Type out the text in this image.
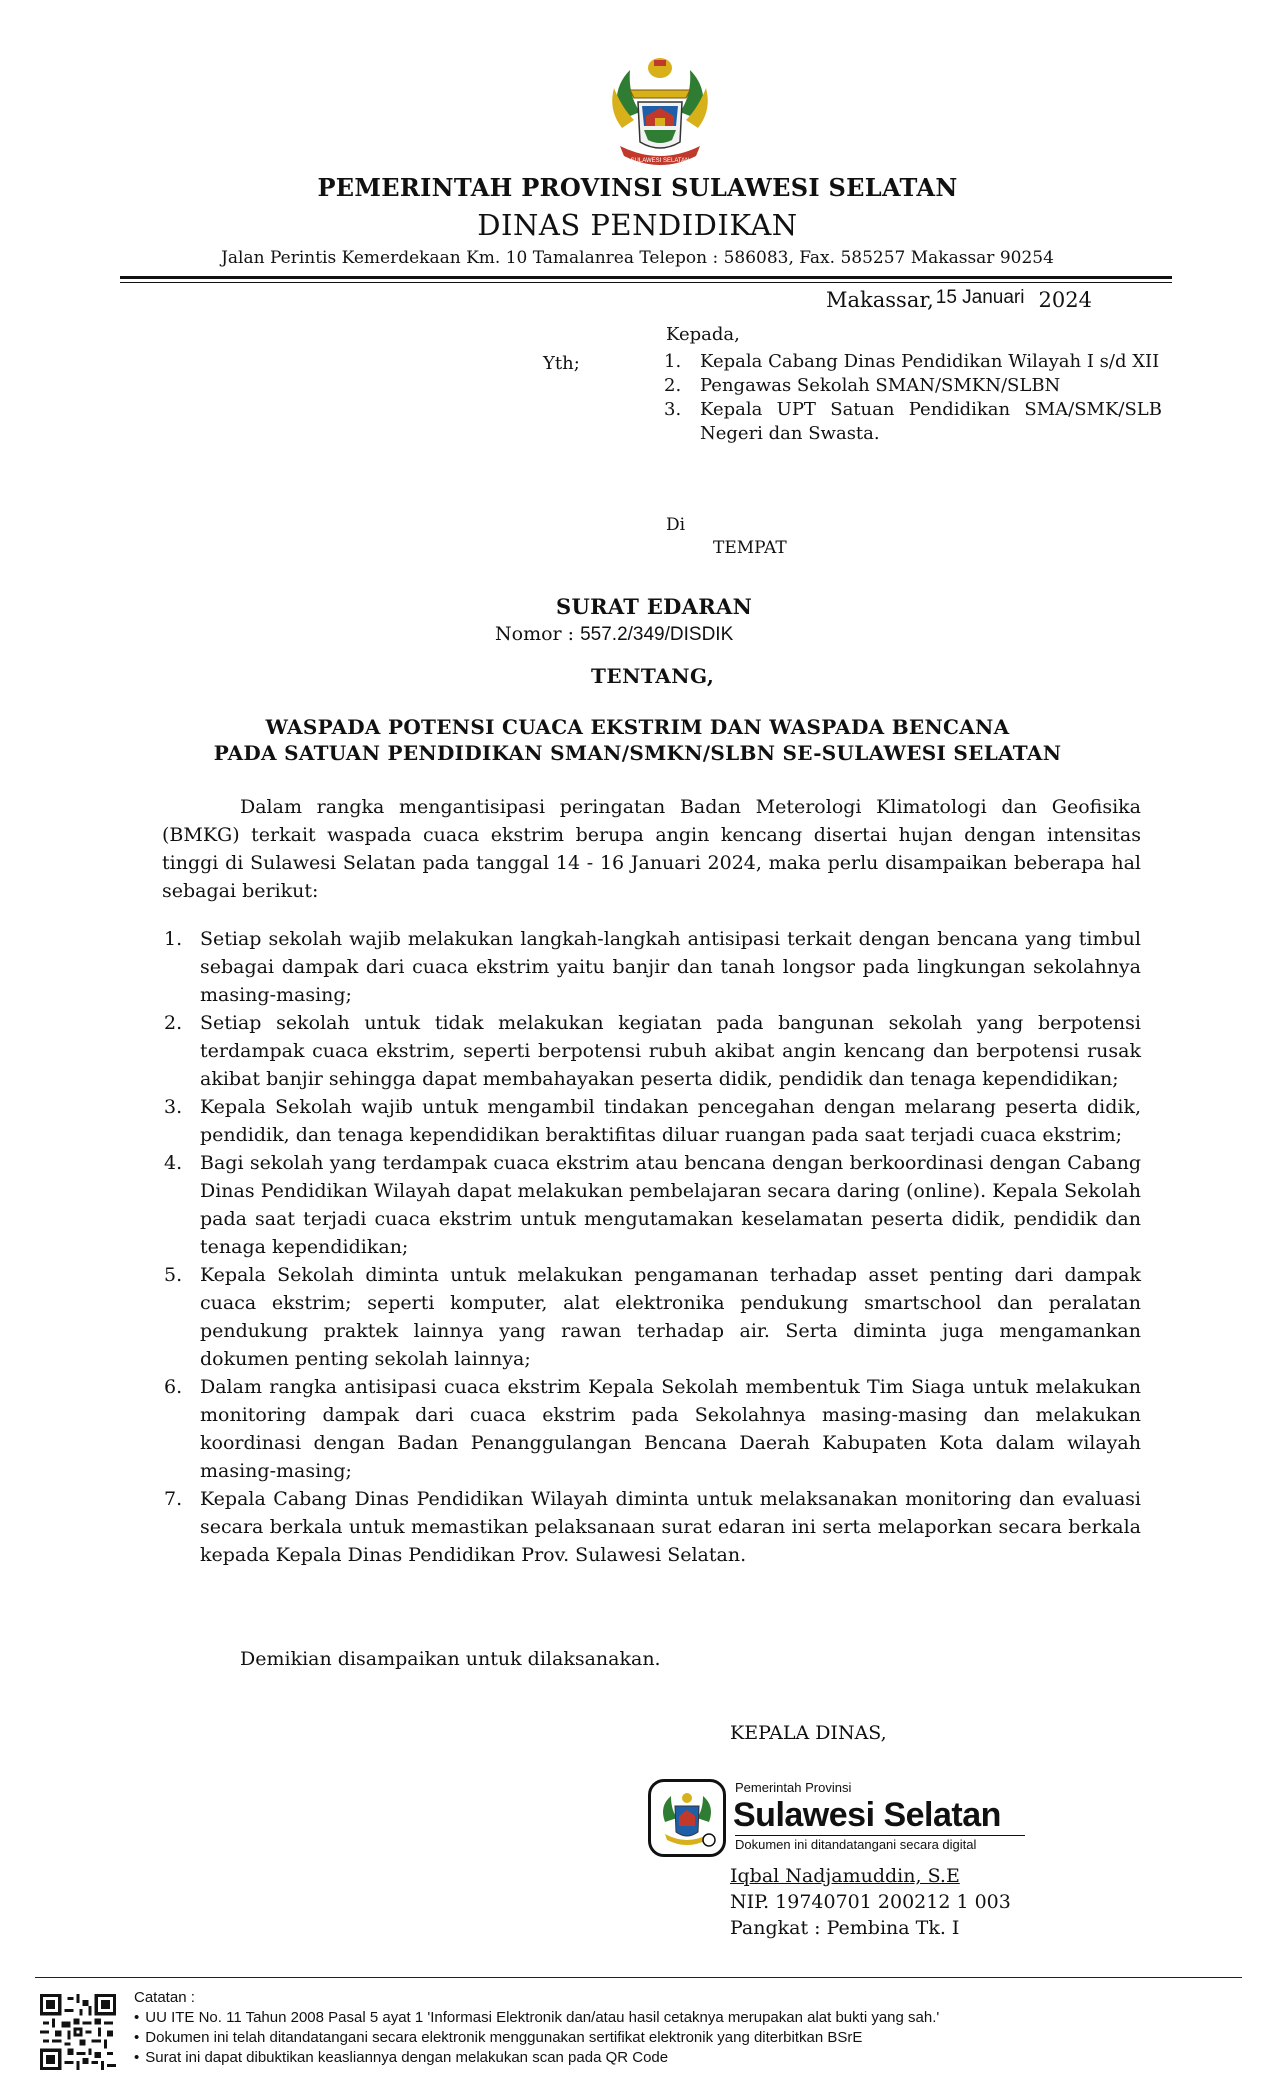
SULAWESI SELATAN
PEMERINTAH PROVINSI SULAWESI SELATAN
DINAS PENDIDIKAN
Jalan Perintis Kemerdekaan Km. 10 Tamalanrea Telepon : 586083, Fax. 585257 Makassar 90254
Makassar, 15 Januari 2024
Yth;
Kepada,
1. Kepala Cabang Dinas Pendidikan Wilayah I s/d XII
2. Pengawas Sekolah SMAN/SMKN/SLBN
3. Kepala UPT Satuan Pendidikan SMA/SMK/SLB Negeri dan Swasta.
Di
TEMPAT
SURAT EDARAN
Nomor : 557.2/349/DISDIK
TENTANG,
WASPADA POTENSI CUACA EKSTRIM DAN WASPADA BENCANA
PADA SATUAN PENDIDIKAN SMAN/SMKN/SLBN SE-SULAWESI SELATAN

Dalam rangka mengantisipasi peringatan Badan Meterologi Klimatologi dan Geofisika (BMKG) terkait waspada cuaca ekstrim berupa angin kencang disertai hujan dengan intensitas tinggi di Sulawesi Selatan pada tanggal 14 - 16 Januari 2024, maka perlu disampaikan beberapa hal sebagai berikut:

1. Setiap sekolah wajib melakukan langkah-langkah antisipasi terkait dengan bencana yang timbul sebagai dampak dari cuaca ekstrim yaitu banjir dan tanah longsor pada lingkungan sekolahnya masing-masing;
2. Setiap sekolah untuk tidak melakukan kegiatan pada bangunan sekolah yang berpotensi terdampak cuaca ekstrim, seperti berpotensi rubuh akibat angin kencang dan berpotensi rusak akibat banjir sehingga dapat membahayakan peserta didik, pendidik dan tenaga kependidikan;
3. Kepala Sekolah wajib untuk mengambil tindakan pencegahan dengan melarang peserta didik, pendidik, dan tenaga kependidikan beraktifitas diluar ruangan pada saat terjadi cuaca ekstrim;
4. Bagi sekolah yang terdampak cuaca ekstrim atau bencana dengan berkoordinasi dengan Cabang Dinas Pendidikan Wilayah dapat melakukan pembelajaran secara daring (online). Kepala Sekolah pada saat terjadi cuaca ekstrim untuk mengutamakan keselamatan peserta didik, pendidik dan tenaga kependidikan;
5. Kepala Sekolah diminta untuk melakukan pengamanan terhadap asset penting dari dampak cuaca ekstrim; seperti komputer, alat elektronika pendukung smartschool dan peralatan pendukung praktek lainnya yang rawan terhadap air. Serta diminta juga mengamankan dokumen penting sekolah lainnya;
6. Dalam rangka antisipasi cuaca ekstrim Kepala Sekolah membentuk Tim Siaga untuk melakukan monitoring dampak dari cuaca ekstrim pada Sekolahnya masing-masing dan melakukan koordinasi dengan Badan Penanggulangan Bencana Daerah Kabupaten Kota dalam wilayah masing-masing;
7. Kepala Cabang Dinas Pendidikan Wilayah diminta untuk melaksanakan monitoring dan evaluasi secara berkala untuk memastikan pelaksanaan surat edaran ini serta melaporkan secara berkala kepada Kepala Dinas Pendidikan Prov. Sulawesi Selatan.
Demikian disampaikan untuk dilaksanakan.
KEPALA DINAS,
Pemerintah Provinsi
Sulawesi Selatan
Dokumen ini ditandatangani secara digital
Iqbal Nadjamuddin, S.E
NIP. 19740701 200212 1 003
Pangkat : Pembina Tk. I
Catatan :
• UU ITE No. 11 Tahun 2008 Pasal 5 ayat 1 'Informasi Elektronik dan/atau hasil cetaknya merupakan alat bukti yang sah.'
• Dokumen ini telah ditandatangani secara elektronik menggunakan sertifikat elektronik yang diterbitkan BSrE
• Surat ini dapat dibuktikan keasliannya dengan melakukan scan pada QR Code
